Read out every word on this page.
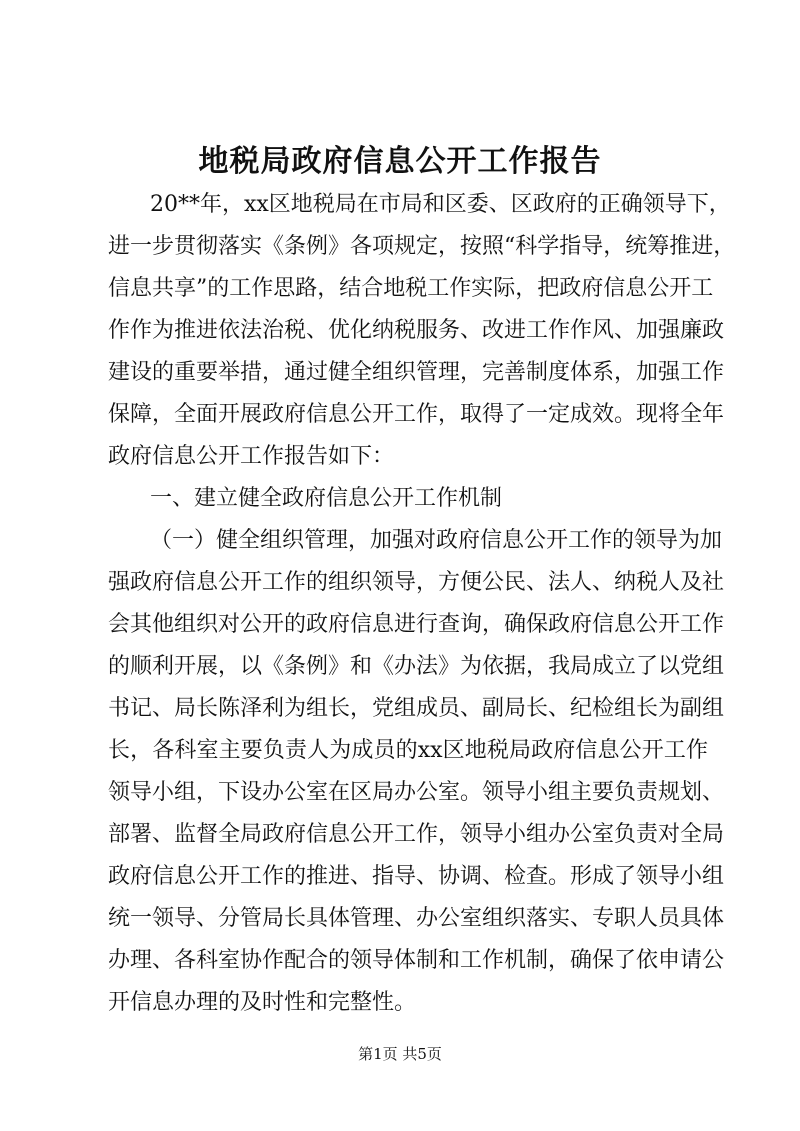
地税局政府信息公开工作报告
20**年，xx区地税局在市局和区委、区政府的正确领导下，
进一步贯彻落实《条例》各项规定，按照“科学指导，统筹推进，
信息共享”的工作思路，结合地税工作实际，把政府信息公开工
作作为推进依法治税、优化纳税服务、改进工作作风、加强廉政
建设的重要举措，通过健全组织管理，完善制度体系，加强工作
保障，全面开展政府信息公开工作，取得了一定成效。现将全年
政府信息公开工作报告如下：
一、建立健全政府信息公开工作机制
（一）健全组织管理，加强对政府信息公开工作的领导为加
强政府信息公开工作的组织领导，方便公民、法人、纳税人及社
会其他组织对公开的政府信息进行查询，确保政府信息公开工作
的顺利开展，以《条例》和《办法》为依据，我局成立了以党组
书记、局长陈泽利为组长，党组成员、副局长、纪检组长为副组
长，各科室主要负责人为成员的xx区地税局政府信息公开工作
领导小组，下设办公室在区局办公室。领导小组主要负责规划、
部署、监督全局政府信息公开工作，领导小组办公室负责对全局
政府信息公开工作的推进、指导、协调、检查。形成了领导小组
统一领导、分管局长具体管理、办公室组织落实、专职人员具体
办理、各科室协作配合的领导体制和工作机制，确保了依申请公
开信息办理的及时性和完整性。
第1页 共5页
